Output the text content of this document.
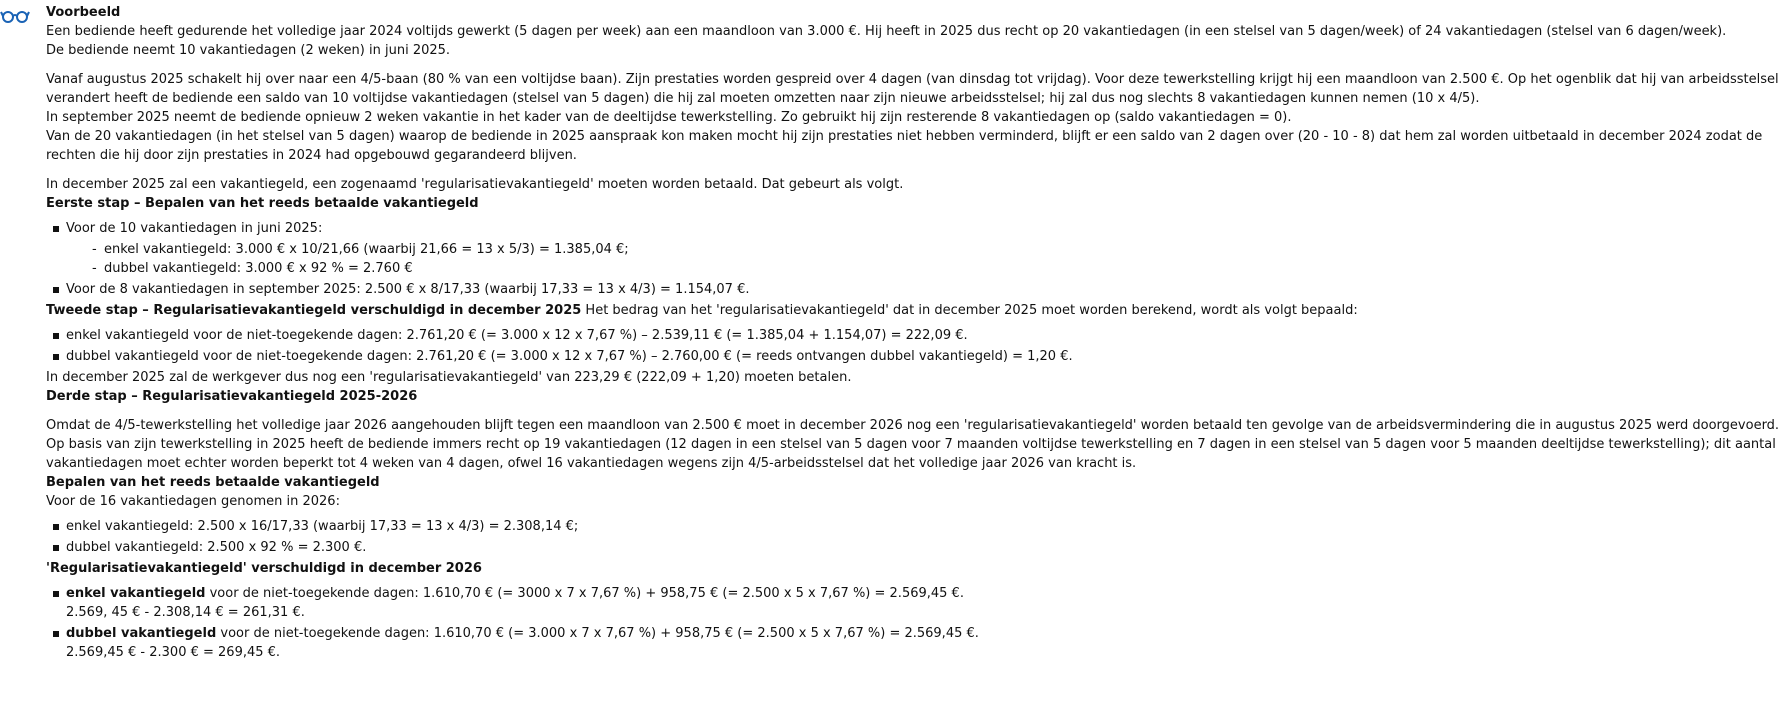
Voorbeeld

Een bediende heeft gedurende het volledige jaar 2024 voltijds gewerkt (5 dagen per week) aan een maandloon van 3.000 €. Hij heeft in 2025 dus recht op 20 vakantiedagen (in een stelsel van 5 dagen/week) of 24 vakantiedagen (stelsel van 6 dagen/week).
De bediende neemt 10 vakantiedagen (2 weken) in juni 2025.

Vanaf augustus 2025 schakelt hij over naar een 4/5-baan (80 % van een voltijdse baan). Zijn prestaties worden gespreid over 4 dagen (van dinsdag tot vrijdag). Voor deze tewerkstelling krijgt hij een maandloon van 2.500 €. Op het ogenblik dat hij van arbeidsstelsel verandert heeft de bediende een saldo van 10 voltijdse vakantiedagen (stelsel van 5 dagen) die hij zal moeten omzetten naar zijn nieuwe arbeidsstelsel; hij zal dus nog slechts 8 vakantiedagen kunnen nemen (10 x 4/5).
In september 2025 neemt de bediende opnieuw 2 weken vakantie in het kader van de deeltijdse tewerkstelling. Zo gebruikt hij zijn resterende 8 vakantiedagen op (saldo vakantiedagen = 0).
Van de 20 vakantiedagen (in het stelsel van 5 dagen) waarop de bediende in 2025 aanspraak kon maken mocht hij zijn prestaties niet hebben verminderd, blijft er een saldo van 2 dagen over (20 - 10 - 8) dat hem zal worden uitbetaald in december 2024 zodat de rechten die hij door zijn prestaties in 2024 had opgebouwd gegarandeerd blijven.

In december 2025 zal een vakantiegeld, een zogenaamd 'regularisatievakantiegeld' moeten worden betaald. Dat gebeurt als volgt.

Eerste stap – Bepalen van het reeds betaalde vakantiegeld
Voor de 10 vakantiedagen in juni 2025:
- enkel vakantiegeld: 3.000 € x 10/21,66 (waarbij 21,66 = 13 x 5/3) = 1.385,04 €;
- dubbel vakantiegeld: 3.000 € x 92 % = 2.760 €
Voor de 8 vakantiedagen in september 2025: 2.500 € x 8/17,33 (waarbij 17,33 = 13 x 4/3) = 1.154,07 €.
Tweede stap – Regularisatievakantiegeld verschuldigd in december 2025 Het bedrag van het 'regularisatievakantiegeld' dat in december 2025 moet worden berekend, wordt als volgt bepaald:
enkel vakantiegeld voor de niet-toegekende dagen: 2.761,20 € (= 3.000 x 12 x 7,67 %) – 2.539,11 € (= 1.385,04 + 1.154,07) = 222,09 €.
dubbel vakantiegeld voor de niet-toegekende dagen: 2.761,20 € (= 3.000 x 12 x 7,67 %) – 2.760,00 € (= reeds ontvangen dubbel vakantiegeld) = 1,20 €.
In december 2025 zal de werkgever dus nog een 'regularisatievakantiegeld' van 223,29 € (222,09 + 1,20) moeten betalen.
Derde stap – Regularisatievakantiegeld 2025-2026

Omdat de 4/5-tewerkstelling het volledige jaar 2026 aangehouden blijft tegen een maandloon van 2.500 € moet in december 2026 nog een 'regularisatievakantiegeld' worden betaald ten gevolge van de arbeidsvermindering die in augustus 2025 werd doorgevoerd. Op basis van zijn tewerkstelling in 2025 heeft de bediende immers recht op 19 vakantiedagen (12 dagen in een stelsel van 5 dagen voor 7 maanden voltijdse tewerkstelling en 7 dagen in een stelsel van 5 dagen voor 5 maanden deeltijdse tewerkstelling); dit aantal vakantiedagen moet echter worden beperkt tot 4 weken van 4 dagen, ofwel 16 vakantiedagen wegens zijn 4/5-arbeidsstelsel dat het volledige jaar 2026 van kracht is.

Bepalen van het reeds betaalde vakantiegeld
Voor de 16 vakantiedagen genomen in 2026:
enkel vakantiegeld: 2.500 x 16/17,33 (waarbij 17,33 = 13 x 4/3) = 2.308,14 €;
dubbel vakantiegeld: 2.500 x 92 % = 2.300 €.
'Regularisatievakantiegeld' verschuldigd in december 2026
enkel vakantiegeld voor de niet-toegekende dagen: 1.610,70 € (= 3000 x 7 x 7,67 %) + 958,75 € (= 2.500 x 5 x 7,67 %) = 2.569,45 €.
2.569, 45 € - 2.308,14 € = 261,31 €.
dubbel vakantiegeld voor de niet-toegekende dagen: 1.610,70 € (= 3.000 x 7 x 7,67 %) + 958,75 € (= 2.500 x 5 x 7,67 %) = 2.569,45 €.
2.569,45 € - 2.300 € = 269,45 €.
